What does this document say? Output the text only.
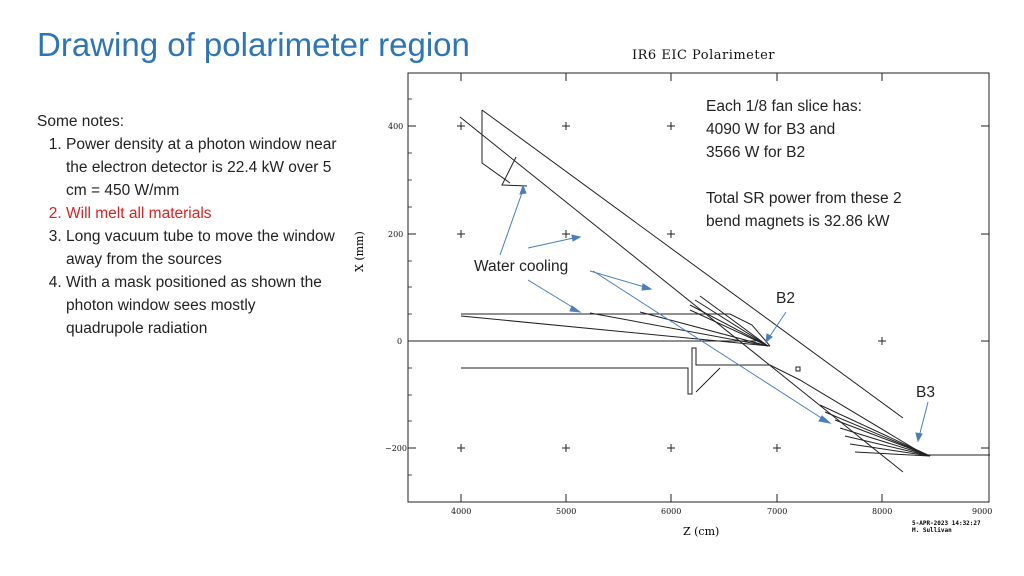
Drawing of polarimeter region
Some notes:
1. Power density at a photon window near the electron detector is 22.4 kW over 5 cm = 450 W/mm
2. Will melt all materials
3. Long vacuum tube to move the window away from the sources
4. With a mask positioned as shown the photon window sees mostly quadrupole radiation
IR6 EIC Polarimeter
400
200
0
−200
4000	5000	6000	7000	8000	9000
X (mm)
Z (cm)
5-APR-2023 14:32:27
M. Sullivan
Each 1/8 fan slice has:
4090 W for B3 and
3566 W for B2
Total SR power from these 2
bend magnets is 32.86 kW
Water cooling
B2
B3
